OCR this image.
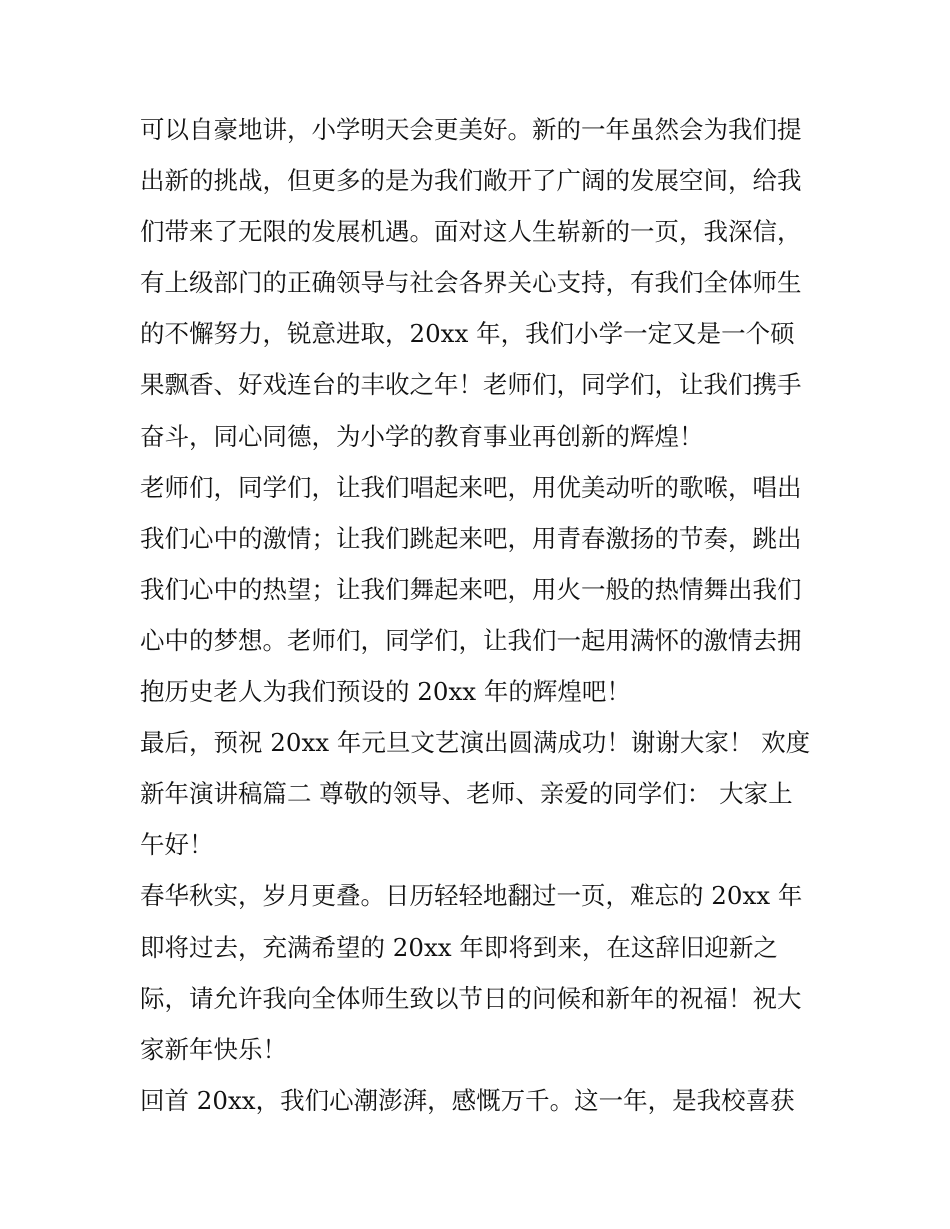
可以自豪地讲，小学明天会更美好。新的一年虽然会为我们提
出新的挑战，但更多的是为我们敞开了广阔的发展空间，给我
们带来了无限的发展机遇。面对这人生崭新的一页，我深信，
有上级部门的正确领导与社会各界关心支持，有我们全体师生
的不懈努力，锐意进取，20xx 年，我们小学一定又是一个硕
果飘香、好戏连台的丰收之年！老师们，同学们，让我们携手
奋斗，同心同德，为小学的教育事业再创新的辉煌！
老师们，同学们，让我们唱起来吧，用优美动听的歌喉，唱出
我们心中的激情；让我们跳起来吧，用青春激扬的节奏，跳出
我们心中的热望；让我们舞起来吧，用火一般的热情舞出我们
心中的梦想。老师们，同学们，让我们一起用满怀的激情去拥
抱历史老人为我们预设的 20xx 年的辉煌吧！
最后，预祝 20xx 年元旦文艺演出圆满成功！谢谢大家！ 欢度
新年演讲稿篇二 尊敬的领导、老师、亲爱的同学们： 大家上
午好！
春华秋实，岁月更叠。日历轻轻地翻过一页，难忘的 20xx 年
即将过去，充满希望的 20xx 年即将到来，在这辞旧迎新之
际，请允许我向全体师生致以节日的问候和新年的祝福！祝大
家新年快乐！
回首 20xx，我们心潮澎湃，感慨万千。这一年，是我校喜获
